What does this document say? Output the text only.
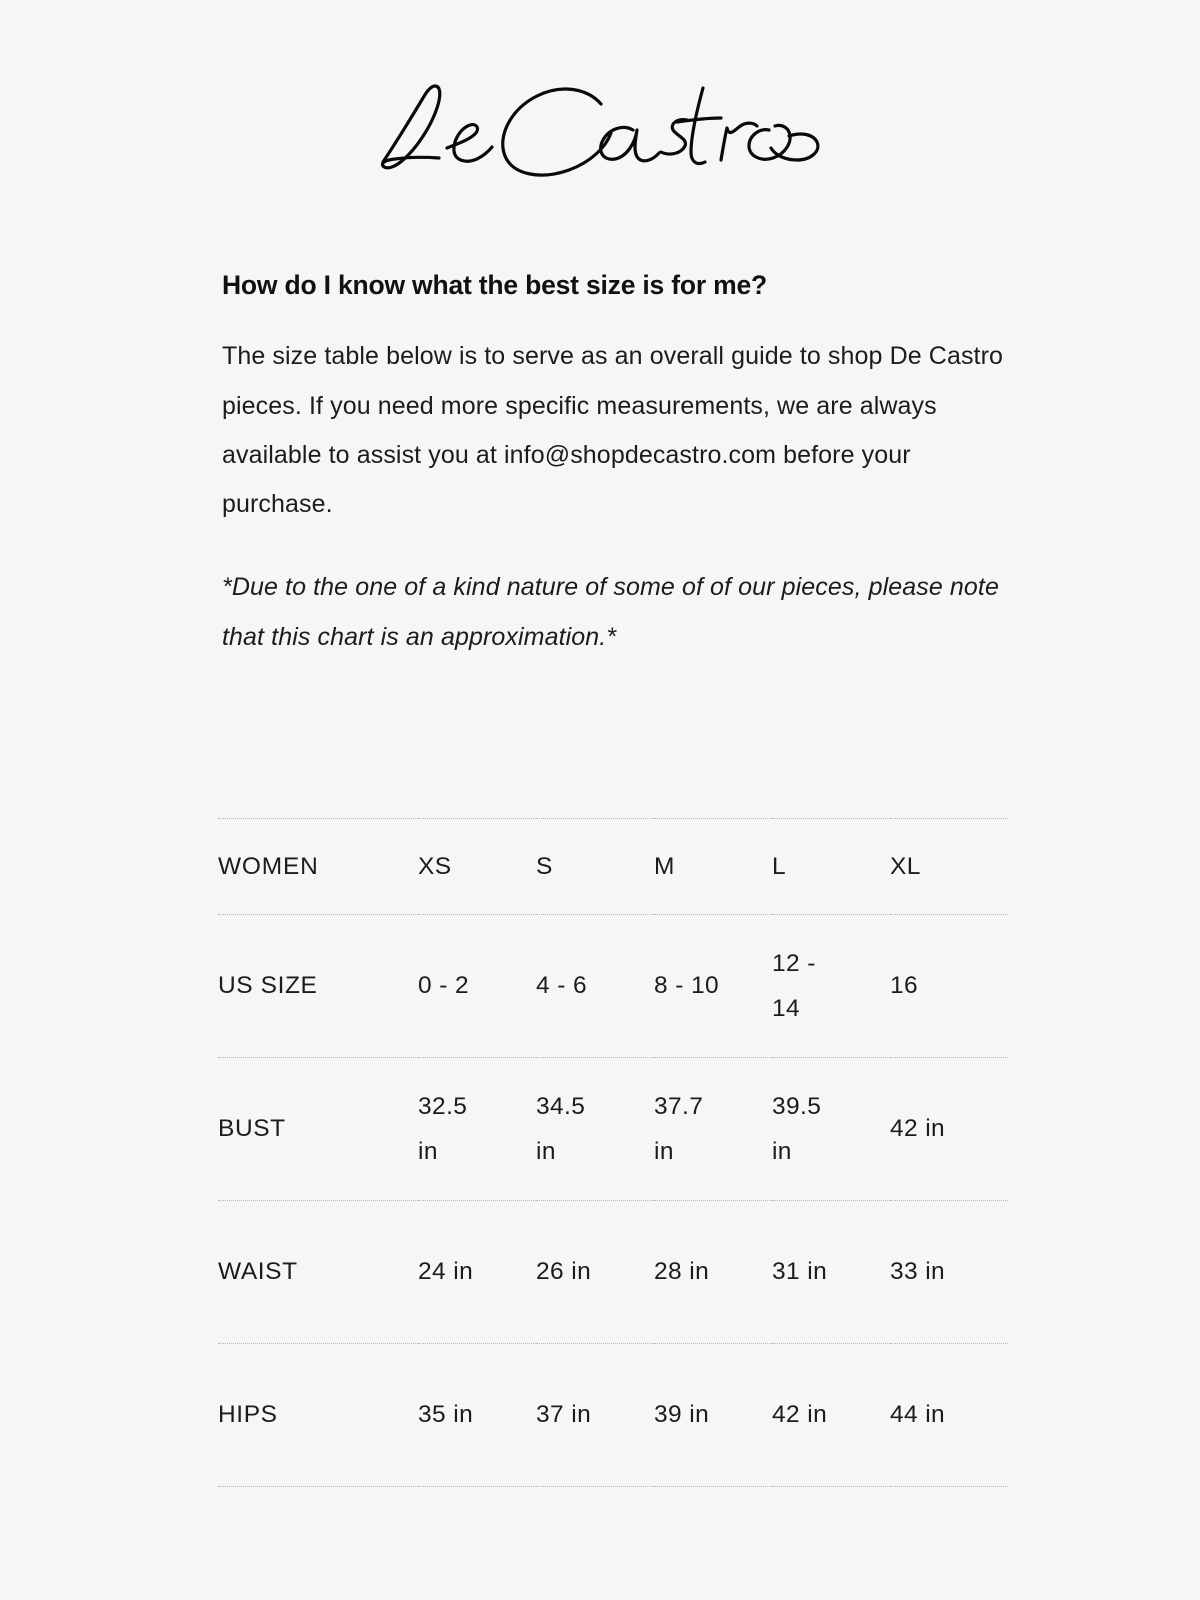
How do I know what the best size is for me?

The size table below is to serve as an overall guide to shop De Castro pieces. If you need more specific measurements, we are always available to assist you at info@shopdecastro.com before your purchase.

*Due to the one of a kind nature of some of of our pieces, please note that this chart is an approximation.*

WOMEN	XS	S	M	L	XL
US SIZE	0 - 2	4 - 6	8 - 10	12 - 14	16

BUST	32.5 in	34.5 in	37.7 in	39.5 in	42 in

WAIST	24 in	26 in	28 in	31 in	33 in

HIPS	35 in	37 in	39 in	42 in	44 in
